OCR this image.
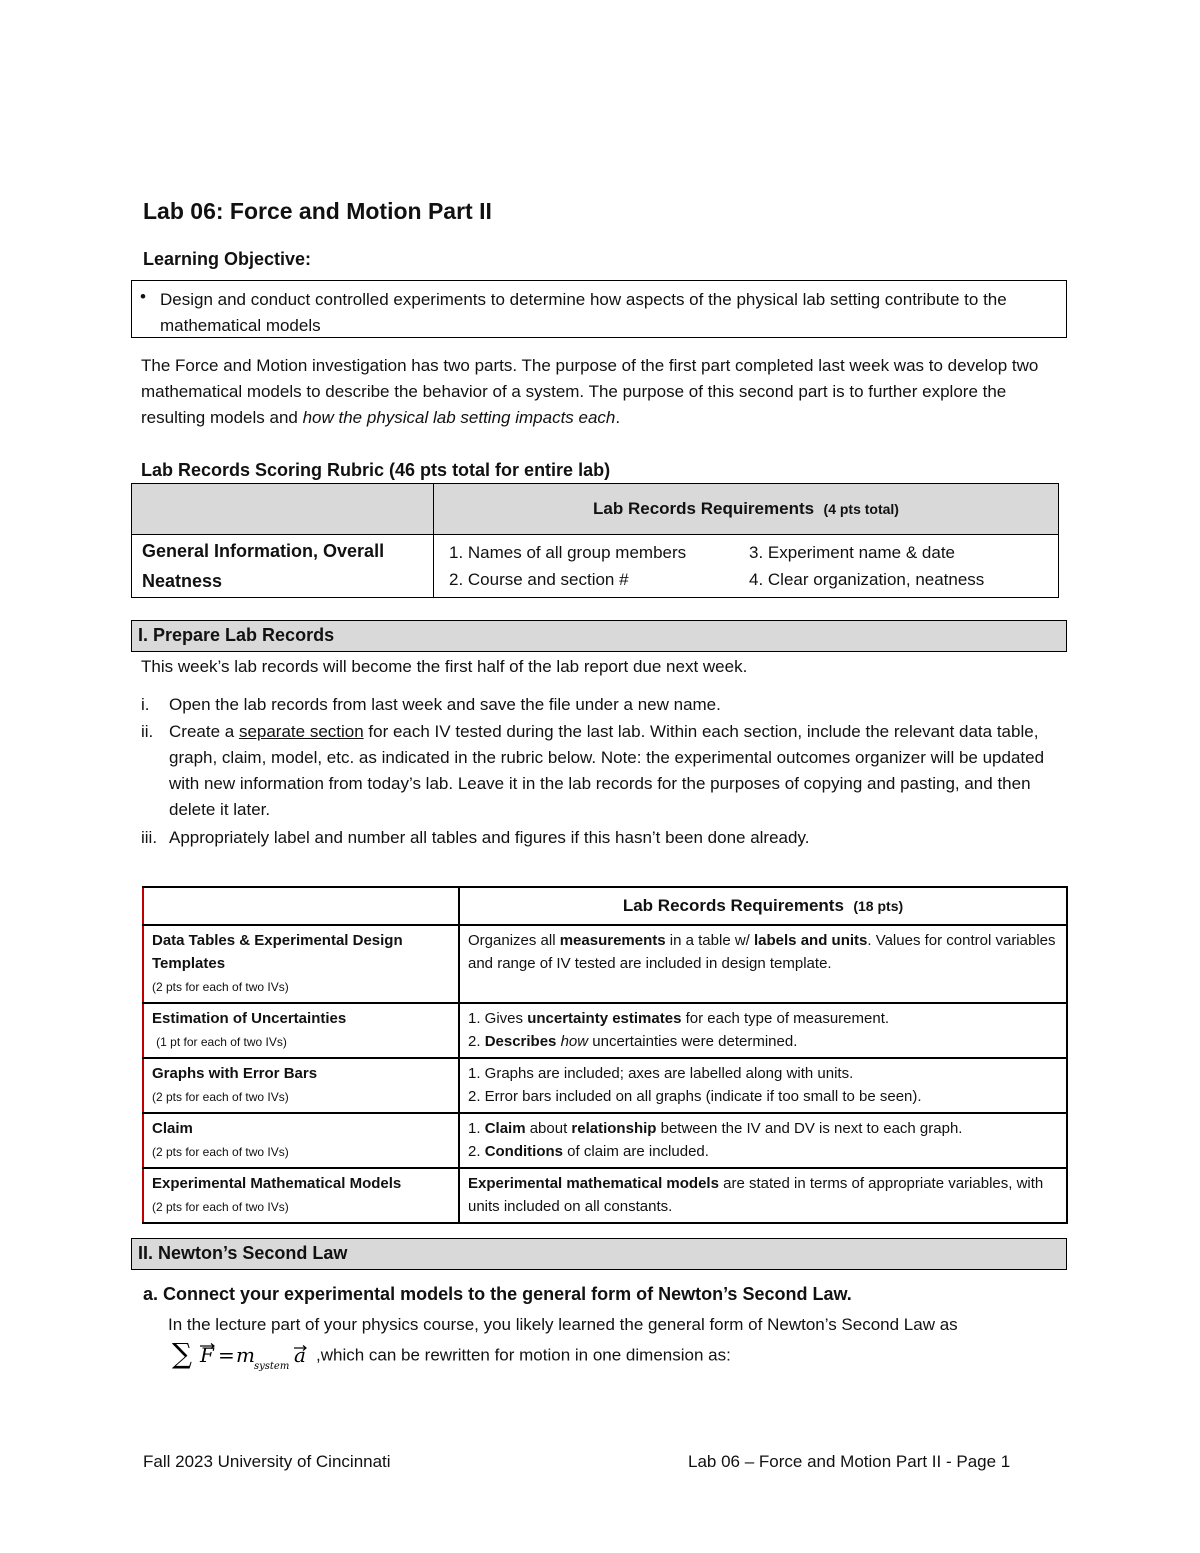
Lab 06: Force and Motion Part II
Learning Objective:
• Design and conduct controlled experiments to determine how aspects of the physical lab setting contribute to the mathematical models
The Force and Motion investigation has two parts. The purpose of the first part completed last week was to develop two mathematical models to describe the behavior of a system. The purpose of this second part is to further explore the resulting models and how the physical lab setting impacts each.
Lab Records Scoring Rubric (46 pts total for entire lab)
	Lab Records Requirements (4 pts total)
General Information, Overall Neatness	1. Names of all group members 3. Experiment name & date
2. Course and section # 4. Clear organization, neatness
I. Prepare Lab Records
This week’s lab records will become the first half of the lab report due next week.
i.	Open the lab records from last week and save the file under a new name.
ii. Create a separate section for each IV tested during the last lab. Within each section, include the relevant data table, graph, claim, model, etc. as indicated in the rubric below. Note: the experimental outcomes organizer will be updated with new information from today’s lab. Leave it in the lab records for the purposes of copying and pasting, and then delete it later.
iii. Appropriately label and number all tables and figures if this hasn’t been done already.
	Lab Records Requirements (18 pts)
Data Tables & Experimental Design Templates
(2 pts for each of two IVs)	Organizes all measurements in a table w/ labels and units. Values for control variables and range of IV tested are included in design template.
Estimation of Uncertainties
(1 pt for each of two IVs)	1. Gives uncertainty estimates for each type of measurement.
2. Describes how uncertainties were determined.
Graphs with Error Bars
(2 pts for each of two IVs)	1. Graphs are included; axes are labelled along with units.
2. Error bars included on all graphs (indicate if too small to be seen).
Claim
(2 pts for each of two IVs)	1. Claim about relationship between the IV and DV is next to each graph.
2. Conditions of claim are included.
Experimental Mathematical Models
(2 pts for each of two IVs)	Experimental mathematical models are stated in terms of appropriate variables, with units included on all constants.
II. Newton’s Second Law
a. Connect your experimental models to the general form of Newton’s Second Law.
In the lecture part of your physics course, you likely learned the general form of Newton’s Second Law as
∑ F = m system a ,which can be rewritten for motion in one dimension as:
Fall 2023 University of Cincinnati	Lab 06 – Force and Motion Part II - Page 1
